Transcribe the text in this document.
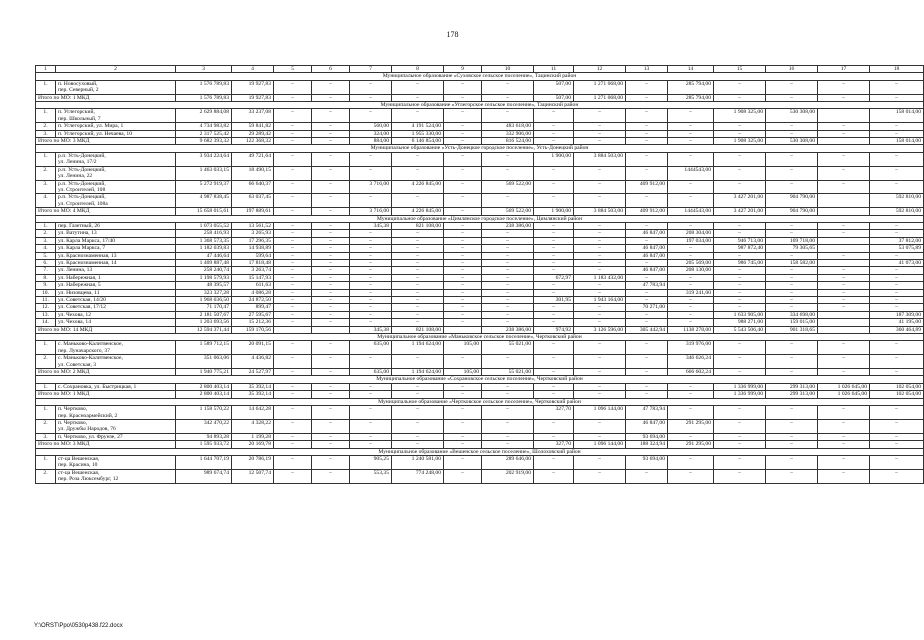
178
1	2	3	4	5	6	7	8	9	10	11	12	13	14	15	16	17	18
Муниципальное образование «Суховское сельское поселение», Тацинский район																	
1.	п. Новосуховый,
пер. Северный, 2	1 576 789,83	19 927,83	–	–	–	–	–	–	507,00	1 271 068,00	–	285 794,00	–	–	–	–
Итого по МО: 1 МКД		1 576 789,83	19 927,83	–	–	–	–	–	–	507,00	1 271 068,00	–	285 794,00	–	–	–	–
Муниципальное образование «Углегорское сельское поселение», Тацинский район																	
1.	п. Углегорский,
пер. Школьный, 7	2 629 884,08	33 237,08	–	–	–	–	–	–	–	–	–	–	1 908 325,00	530 308,00		158 014,00
2.	п. Углегорский, ул. Мира, 1	4 734 983,82	59 841,82	–	–	560,00	4 191 524,00	–	483 618,00	–	–	–	–	–	–	–	–
3.	п. Углегорский, ул. Нечаева, 10	2 317 525,42	29 289,42	–	–	324,00	1 955 330,00	–	332 906,00	–	–	–	–	–	–	–	–
Итого по МО: 3 МКД		9 682 393,32	122 368,32	–	–	884,00	6 146 854,00	–	816 524,00	–	–	–	–	1 908 325,00	530 308,00		158 014,00
Муниципальное образование «Усть-Донецкое городское поселение», Усть-Донецкий район																	
1.	р.п. Усть-Донецкий,
ул. Ленина, 17/2	3 934 224,64	49 721,64	–	–	–	–	–	–	1 900,00	3 884 503,00	–	–	–	–	–	–
2.	р.п. Усть-Донецкий,
ул. Ленина, 22	1 463 033,15	18 490,15	–	–	–	–	–	–	–	–	–	1444543,00	–	–	–	–
3.	р.п. Усть-Донецкий,
ул. Строителей, 108	5 272 919,37	66 640,37	–	–	3 716,00	4 226 845,00	–	569 522,00	–	–	409 912,00	–	–	–	–	–
4.	р.п. Усть-Донецкий,
ул. Строителей, 108а	4 987 838,45	63 037,45	–	–	–	–	–	–	–	–	–	–	3 427 201,00	904 790,00		592 810,00
Итого по МО: 4 МКД		15 658 015,61	197 889,61	–	–	3 716,00	4 226 845,00	–	569 522,00	1 900,00	3 884 503,00	409 912,00	1444543,00	3 427 201,00	904 790,00		592 810,00
Муниципальное образование «Цимлянское городское поселение», Цимлянский район																	
1.	пер. Газетный, 26	1 073 055,52	13 561,52	–	–	345,38	821 108,00	–	238 386,00	–	–	–	–	–	–	–	–
2.	ул. Ватутина, 13	258 416,93	3 265,93	–	–	–	–	–	–	–	–	46 847,00	208 304,00	–	–	–	–
3.	ул. Карла Маркса, 17/40	1 368 573,35	17 296,35	–	–	–	–	–	–	–	–	–	197 034,00	946 713,00	169 718,00		37 812,00
4.	ул. Карла Маркса, 7	1 182 039,83	14 938,89	–	–	–	–	–	–	–	–	46 847,00	–	987 872,40	79 305,65		53 075,89
5.	ул. Краснознаменная, 13	47 446,64	599,64	–	–	–	–	–	–	–	–	46 847,00	–	–	–	–	–
6.	ул. Краснознаменная, 14	1 409 887,48	17 818,48	–	–	–	–	–	–	–	–	–	205 569,00	986 745,00	158 582,00		41 073,00
7.	ул. Ленина, 13	258 240,74	3 263,74	–	–	–	–	–	–	–	–	46 847,00	208 130,00	–	–	–	–
8.	ул. Набережная, 1	1 198 579,93	15 147,93	–	–	–	–	–	–	672,97	1 183 432,00	–	–	–	–	–	–
9.	ул. Набережная, 5	48 395,57	611,63	–	–	–	–	–	–	–	–	47 783,94	–	–	–	–	–
10.	ул. Низовцева, 11	323 327,28	4 086,28	–	–	–	–	–	–	–	–	–	319 241,00	–	–	–	–
11.	ул. Советская, 14/20	1 968 036,50	24 872,50	–	–	–	–	–	–	301,95	1 943 164,00	–	–	–	–	–	–
12.	ул. Советская, 17/12	71 170,47	899,47	–	–	–	–	–	–	–	–	70 271,00	–	–	–	–	–
13.	ул. Чехова, 12	2 181 507,67	27 595,67	–	–	–	–	–	–	–	–	–	–	1 633 905,00	334 698,00		187 309,00
14.	ул. Чехова, 14	1 203 693,56	15 212,36	–	–	–	–	–	–	–	–	–	–	988 271,00	159 015,00		41 195,00
Итого по МО: 14 МКД		12 594 371,44	159 170,56			345,38	821 108,00		238 386,00	974,92	3 126 596,00	305 442,94	1138 278,00	5 543 506,40	901 318,65		360 464,89
Муниципальное образование «Маньковское сельское поселение», Чертковский район																	
1.	с. Маньково-Калитвенское,
пер. Луначарского, 37	1 589 712,15	20 091,15	–	–	635,00	1 194 624,00	105,00	55 021,00	–	–	–	319 976,00	–	–	–	–
2.	с. Маньково-Калитвенское,
ул. Советская, 3	351 063,06	4 436,82	–	–	–	–	–	–	–	–	–	346 626,24	–	–	–	–
Итого по МО: 2 МКД		1 940 775,21	24 527,97	–	–	635,00	1 194 624,00	105,00	55 021,00	–	–	–	666 602,24	–	–	–	–
Муниципальное образование «Сохрановское сельское поселение», Чертковский район																	
1.	с. Сохрановка, ул. Быстрицкая, 1	2 800 403,14	35 392,14	–	–	–	–	–	–	–	–	–	–	1 336 999,00	299 313,00	1 026 645,00	102 054,00
Итого по МО: 1 МКД		2 800 403,14	35 392,14	–	–	–	–	–	–	–	–	–	–	1 336 999,00	299 313,00	1 026 645,00	102 054,00
Муниципальное образование «Чертковское сельское поселение», Чертковский район																	
1.	п. Чертково,
пер. Красноармейский, 2	1 158 570,22	14 642,28	–	–	–	–	–	–	327,70	1 096 144,00	47 783,94	–	–	–	–	–
2.	п. Чертково,
ул. Дружбы Народов, 76	342 470,22	4 328,22	–	–	–	–	–	–	–	–	46 847,00	291 295,00	–	–	–	–
3.	п. Чертково, ул. Фрунзе, 27	94 893,28	1 199,28	–	–	–	–	–	–	–	–	93 694,00	–	–	–	–	–
Итого по МО: 3 МКД		1 595 933,72	20 169,78	–	–	–	–	–	–	327,70	1 096 144,00	188 324,94	291 295,00	–	–	–	–
Муниципальное образование «Вешенское сельское поселение», Шолоховский район																	
1.	ст-ца Вешенская,
пер. Красина, 10	1 644 707,19	20 786,19	–	–	905,25	1 240 581,00	–	289 646,00	–	–	93 694,00	–	–	–	–	–
2.	ст-ца Вешенская,
пер. Роза Люксембург, 12	989 674,74	12 507,74	–	–	553,35	774 248,00	–	202 919,00	–	–	–	–	–	–	–	–
Y:\ORST\Ppo\0530p438.f22.docx
